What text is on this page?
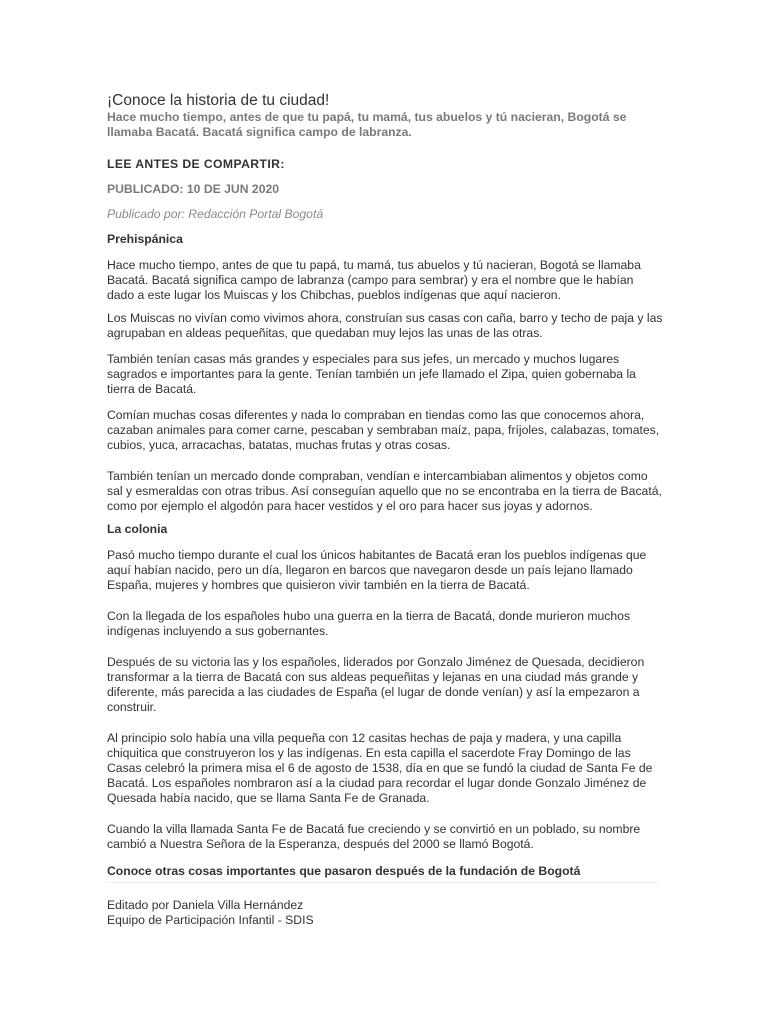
¡Conoce la historia de tu ciudad!

Hace mucho tiempo, antes de que tu papá, tu mamá, tus abuelos y tú nacieran, Bogotá se llamaba Bacatá. Bacatá significa campo de labranza.

LEE ANTES DE COMPARTIR:

PUBLICADO: 10 DE JUN 2020

Publicado por: Redacción Portal Bogotá

Prehispánica

Hace mucho tiempo, antes de que tu papá, tu mamá, tus abuelos y tú nacieran, Bogotá se llamaba Bacatá. Bacatá significa campo de labranza (campo para sembrar) y era el nombre que le habían dado a este lugar los Muiscas y los Chibchas, pueblos indígenas que aquí nacieron.

Los Muiscas no vivían como vivimos ahora, construían sus casas con caña, barro y techo de paja y las agrupaban en aldeas pequeñitas, que quedaban muy lejos las unas de las otras.

También tenían casas más grandes y especiales para sus jefes, un mercado y muchos lugares sagrados e importantes para la gente. Tenían también un jefe llamado el Zipa, quien gobernaba la tierra de Bacatá.

Comían muchas cosas diferentes y nada lo compraban en tiendas como las que conocemos ahora, cazaban animales para comer carne, pescaban y sembraban maíz, papa, fríjoles, calabazas, tomates, cubios, yuca, arracachas, batatas, muchas frutas y otras cosas.

También tenían un mercado donde compraban, vendían e intercambiaban alimentos y objetos como sal y esmeraldas con otras tribus. Así conseguían aquello que no se encontraba en la tierra de Bacatá, como por ejemplo el algodón para hacer vestidos y el oro para hacer sus joyas y adornos.

La colonia

Pasó mucho tiempo durante el cual los únicos habitantes de Bacatá eran los pueblos indígenas que aquí habían nacido, pero un día, llegaron en barcos que navegaron desde un país lejano llamado España, mujeres y hombres que quisieron vivir también en la tierra de Bacatá.

Con la llegada de los españoles hubo una guerra en la tierra de Bacatá, donde murieron muchos indígenas incluyendo a sus gobernantes.

Después de su victoria las y los españoles, liderados por Gonzalo Jiménez de Quesada, decidieron transformar a la tierra de Bacatá con sus aldeas pequeñitas y lejanas en una ciudad más grande y diferente, más parecida a las ciudades de España (el lugar de donde venían) y así la empezaron a construir.

Al principio solo había una villa pequeña con 12 casitas hechas de paja y madera, y una capilla chiquitica que construyeron los y las indígenas. En esta capilla el sacerdote Fray Domingo de las Casas celebró la primera misa el 6 de agosto de 1538, día en que se fundó la ciudad de Santa Fe de Bacatá. Los españoles nombraron así a la ciudad para recordar el lugar donde Gonzalo Jiménez de Quesada había nacido, que se llama Santa Fe de Granada.

Cuando la villa llamada Santa Fe de Bacatá fue creciendo y se convirtió en un poblado, su nombre cambió a Nuestra Señora de la Esperanza, después del 2000 se llamó Bogotá.

Conoce otras cosas importantes que pasaron después de la fundación de Bogotá

Editado por Daniela Villa Hernández

Equipo de Participación Infantil - SDIS
